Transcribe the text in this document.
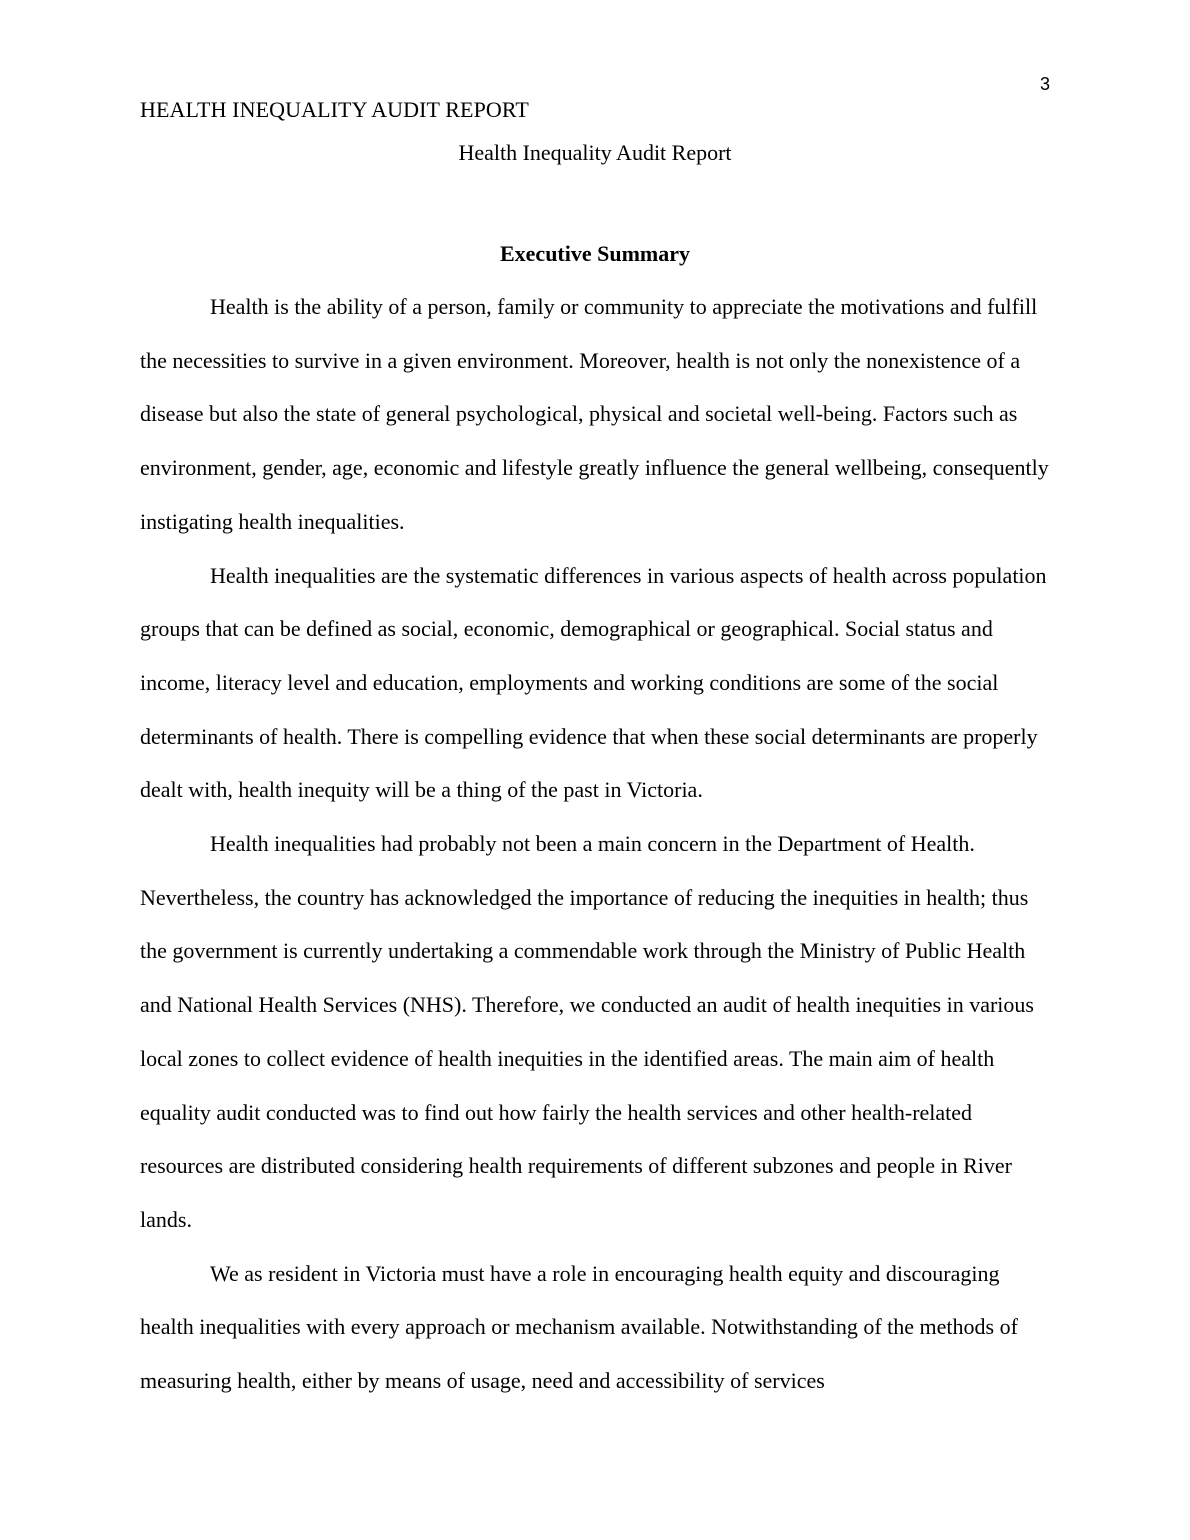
3
HEALTH INEQUALITY AUDIT REPORT
Health Inequality Audit Report
Executive Summary

Health is the ability of a person, family or community to appreciate the motivations and fulfill the necessities to survive in a given environment. Moreover, health is not only the nonexistence of a disease but also the state of general psychological, physical and societal well-being. Factors such as environment, gender, age, economic and lifestyle greatly influence the general wellbeing, consequently instigating health inequalities.

Health inequalities are the systematic differences in various aspects of health across population groups that can be defined as social, economic, demographical or geographical. Social status and income, literacy level and education, employments and working conditions are some of the social determinants of health. There is compelling evidence that when these social determinants are properly dealt with, health inequity will be a thing of the past in Victoria.

Health inequalities had probably not been a main concern in the Department of Health. Nevertheless, the country has acknowledged the importance of reducing the inequities in health; thus the government is currently undertaking a commendable work through the Ministry of Public Health and National Health Services (NHS). Therefore, we conducted an audit of health inequities in various local zones to collect evidence of health inequities in the identified areas. The main aim of health equality audit conducted was to find out how fairly the health services and other health-related resources are distributed considering health requirements of different subzones and people in River lands.

We as resident in Victoria must have a role in encouraging health equity and discouraging health inequalities with every approach or mechanism available. Notwithstanding of the methods of measuring health, either by means of usage, need and accessibility of services
